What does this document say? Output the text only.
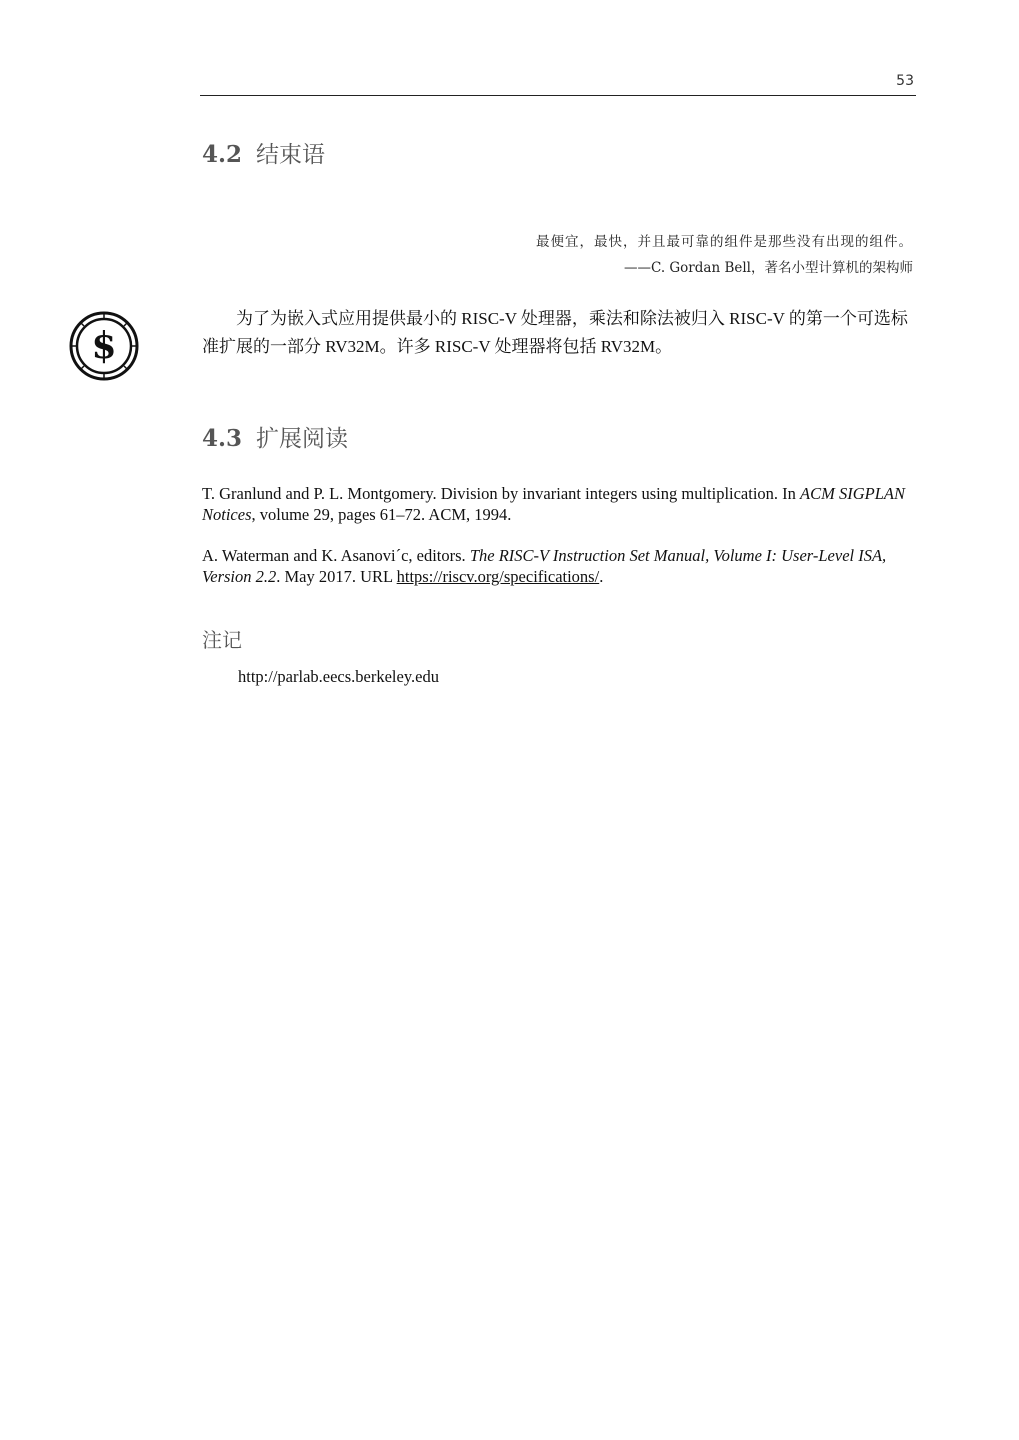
53
4.2 结束语
最便宜，最快，并且最可靠的组件是那些没有出现的组件。
——C. Gordan Bell，著名小型计算机的架构师
$
为了为嵌入式应用提供最小的 RISC-V 处理器，乘法和除法被归入 RISC-V 的第一个可选标准扩展的一部分 RV32M。许多 RISC-V 处理器将包括 RV32M。
4.3 扩展阅读
T. Granlund and P. L. Montgomery. Division by invariant integers using multiplication. In ACM SIGPLAN Notices, volume 29, pages 61–72. ACM, 1994.
A. Waterman and K. Asanovi´c, editors. The RISC-V Instruction Set Manual, Volume I: User-Level ISA, Version 2.2. May 2017. URL https://riscv.org/specifications/.
注记
http://parlab.eecs.berkeley.edu
